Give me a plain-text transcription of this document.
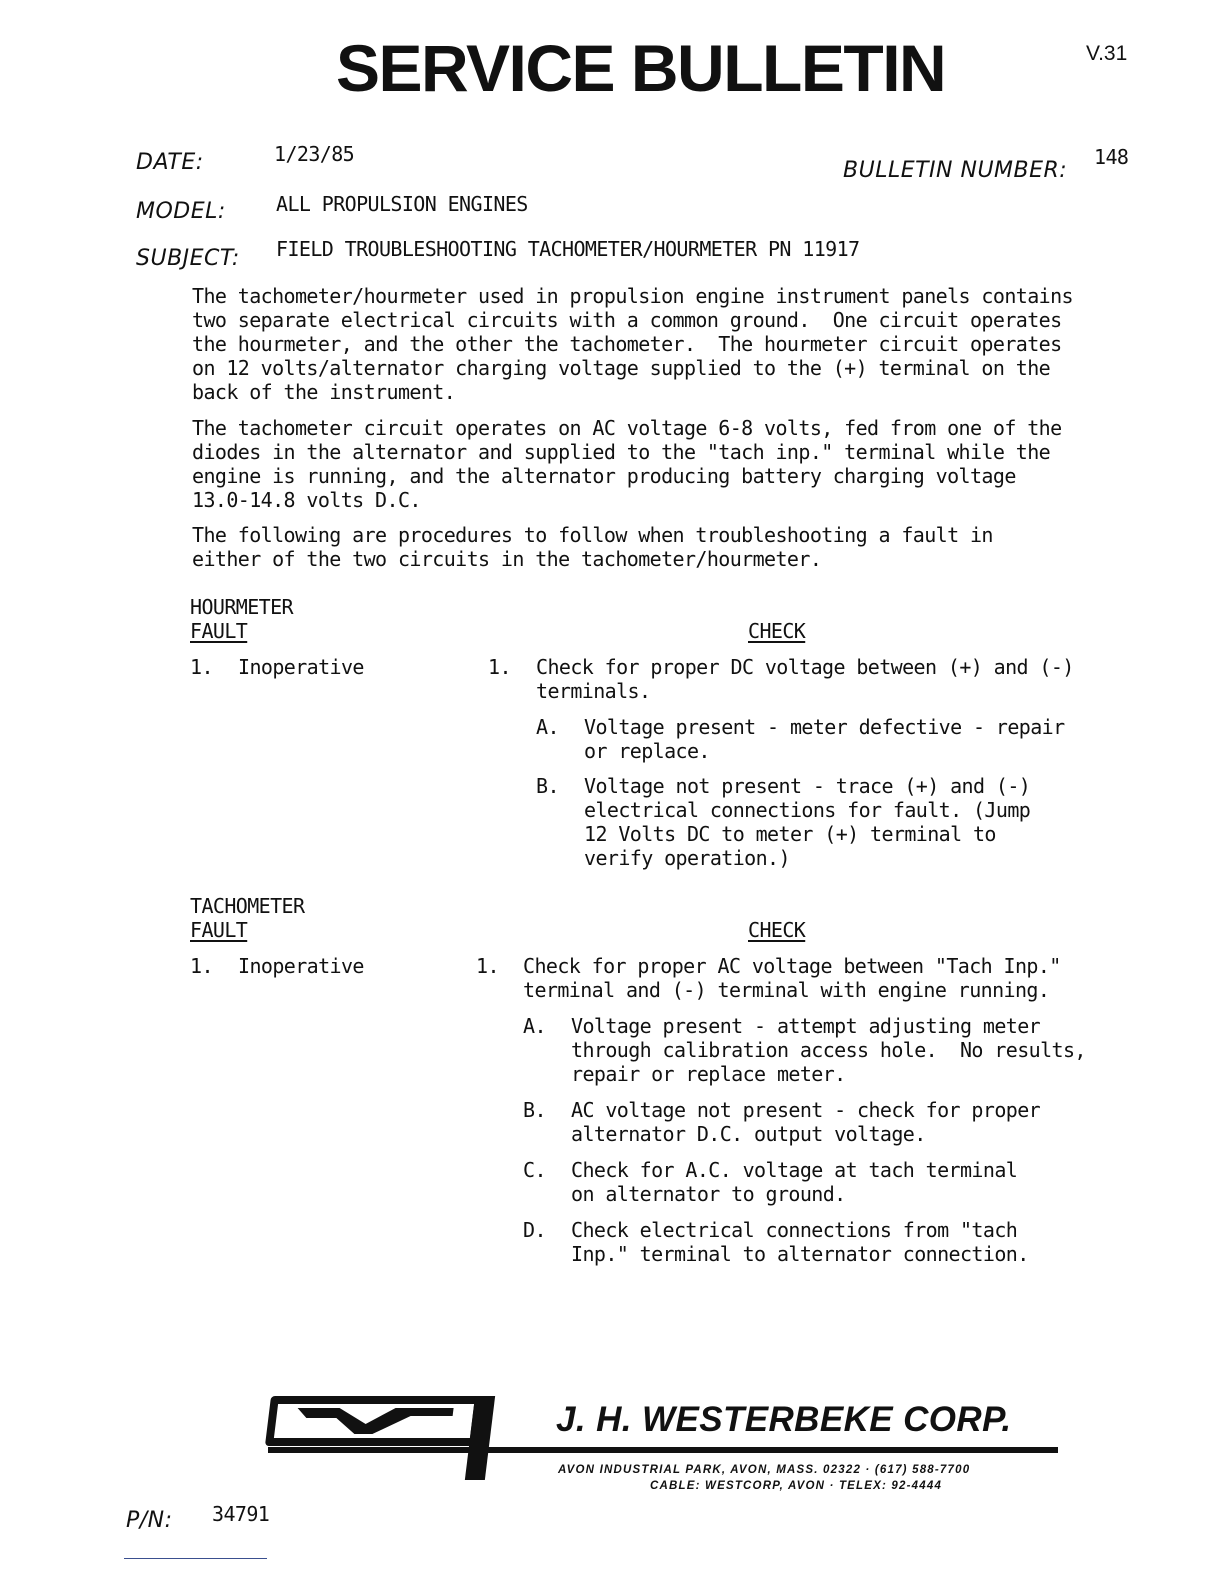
SERVICE BULLETIN	V.31
DATE:	1/23/85
BULLETIN NUMBER:
148
MODEL:	ALL PROPULSION ENGINES
SUBJECT: FIELD TROUBLESHOOTING TACHOMETER/HOURMETER PN 11917
The tachometer/hourmeter used in propulsion engine instrument panels contains
two separate electrical circuits with a common ground.  One circuit operates
the hourmeter, and the other the tachometer.  The hourmeter circuit operates
on 12 volts/alternator charging voltage supplied to the (+) terminal on the
back of the instrument.
The tachometer circuit operates on AC voltage 6-8 volts, fed from one of the
diodes in the alternator and supplied to the "tach inp." terminal while the
engine is running, and the alternator producing battery charging voltage
13.0-14.8 volts D.C.
The following are procedures to follow when troubleshooting a fault in
either of the two circuits in the tachometer/hourmeter.
HOURMETER
FAULT	CHECK
1. Inoperative	1. Check for proper DC voltage between (+) and (-)
terminals.
A. Voltage present - meter defective - repair
or replace.
B. Voltage not present - trace (+) and (-)
electrical connections for fault. (Jump
12 Volts DC to meter (+) terminal to
verify operation.)
TACHOMETER
FAULT	CHECK
1. Inoperative	1. Check for proper AC voltage between "Tach Inp."
terminal and (-) terminal with engine running.
A. Voltage present - attempt adjusting meter
through calibration access hole.  No results,
repair or replace meter.
B. AC voltage not present - check for proper
alternator D.C. output voltage.
C. Check for A.C. voltage at tach terminal
on alternator to ground.
D. Check electrical connections from "tach
Inp." terminal to alternator connection.
J. H. WESTERBEKE CORP.
AVON INDUSTRIAL PARK, AVON, MASS. 02322 · (617) 588-7700
CABLE: WESTCORP, AVON · TELEX: 92-4444
P/N: 34791
